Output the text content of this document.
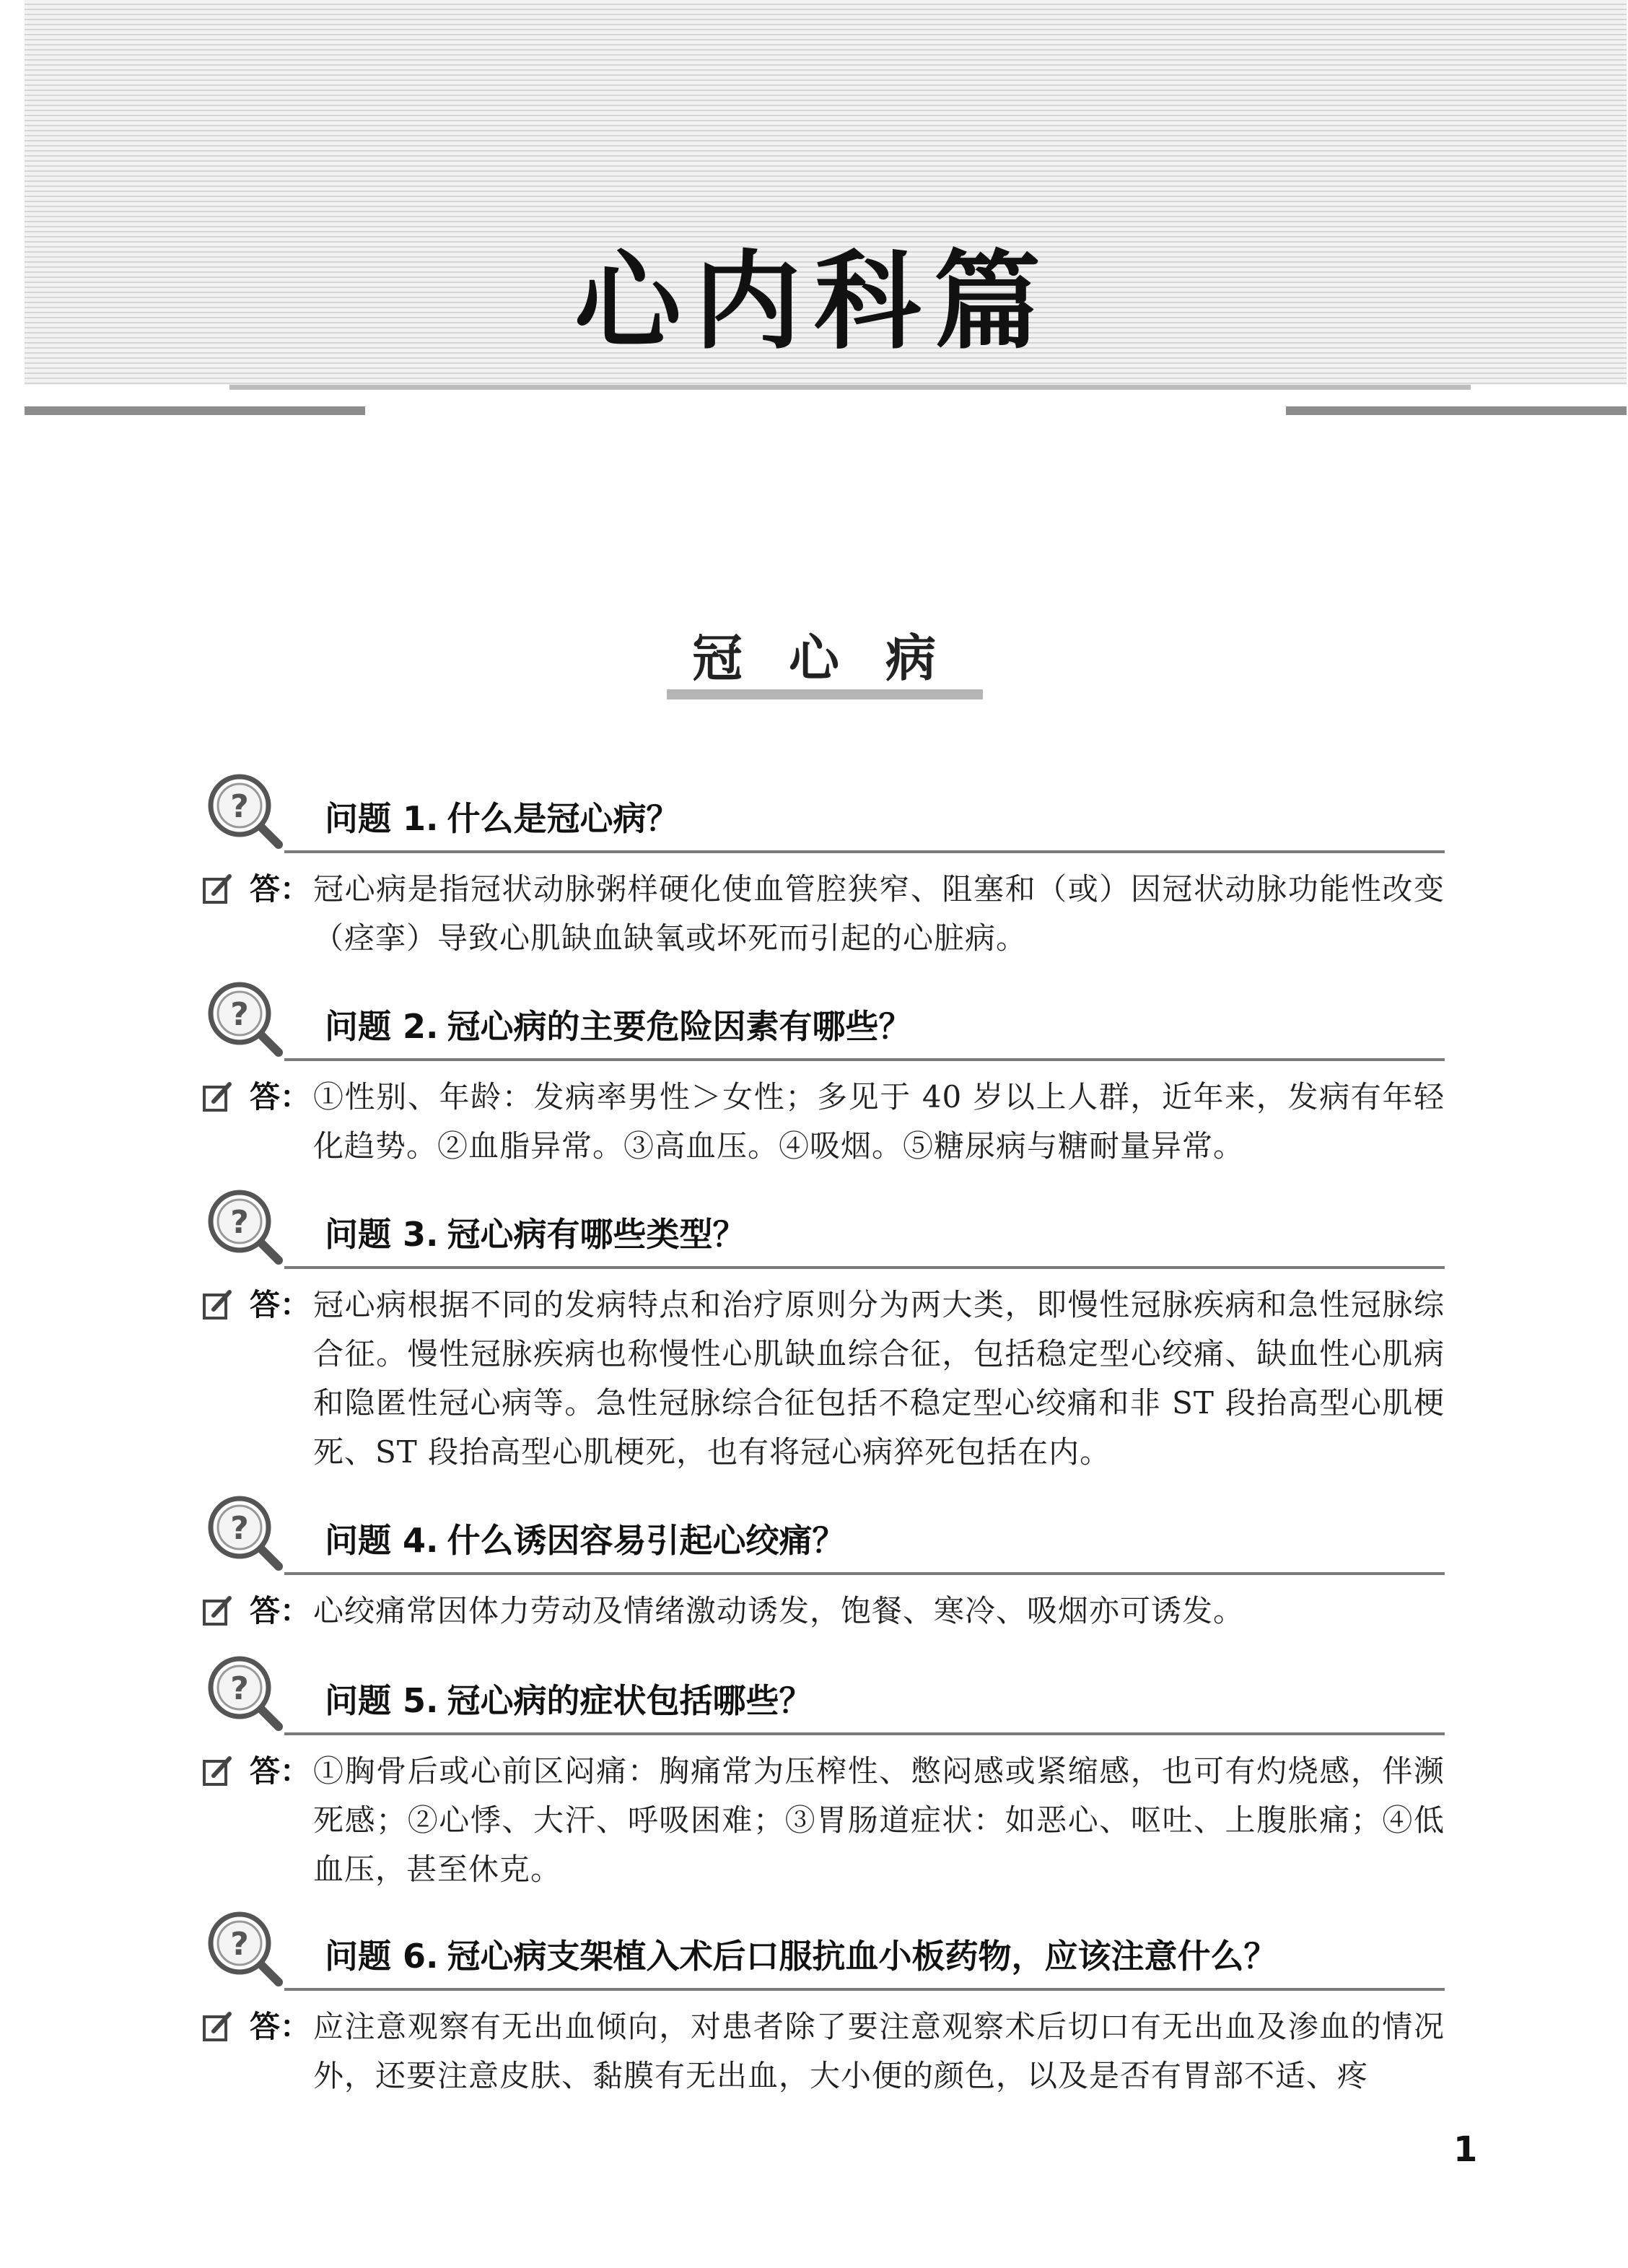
心内科篇
冠心病
? 问题 1. 什么是冠心病？
答： 冠心病是指冠状动脉粥样硬化使血管腔狭窄、阻塞和（或）因冠状动脉功能性改变（痉挛）导致心肌缺血缺氧或坏死而引起的心脏病。
? 问题 2. 冠心病的主要危险因素有哪些？
答： ①性别、年龄：发病率男性＞女性；多见于 40 岁以上人群，近年来，发病有年轻化趋势。②血脂异常。③高血压。④吸烟。⑤糖尿病与糖耐量异常。
? 问题 3. 冠心病有哪些类型？
答： 冠心病根据不同的发病特点和治疗原则分为两大类，即慢性冠脉疾病和急性冠脉综合征。慢性冠脉疾病也称慢性心肌缺血综合征，包括稳定型心绞痛、缺血性心肌病和隐匿性冠心病等。急性冠脉综合征包括不稳定型心绞痛和非 ST 段抬高型心肌梗死、ST 段抬高型心肌梗死，也有将冠心病猝死包括在内。
? 问题 4. 什么诱因容易引起心绞痛？
答： 心绞痛常因体力劳动及情绪激动诱发，饱餐、寒冷、吸烟亦可诱发。
? 问题 5. 冠心病的症状包括哪些？
答： ①胸骨后或心前区闷痛：胸痛常为压榨性、憋闷感或紧缩感，也可有灼烧感，伴濒死感；②心悸、大汗、呼吸困难；③胃肠道症状：如恶心、呕吐、上腹胀痛；④低血压，甚至休克。
? 问题 6. 冠心病支架植入术后口服抗血小板药物，应该注意什么？
答： 应注意观察有无出血倾向，对患者除了要注意观察术后切口有无出血及渗血的情况外，还要注意皮肤、黏膜有无出血，大小便的颜色，以及是否有胃部不适、疼
1
